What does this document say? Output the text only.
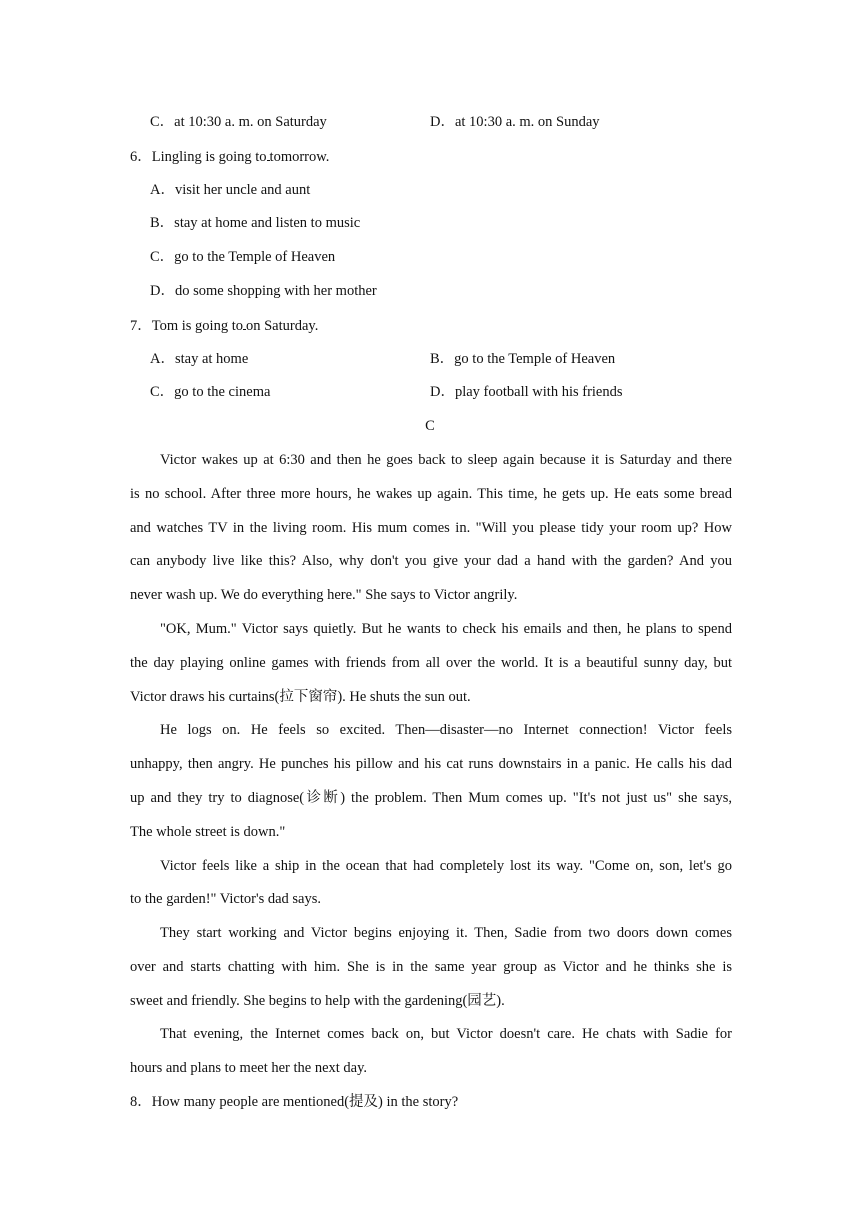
C．at 10:30 a. m. on Saturday	D．at 10:30 a. m. on Sunday
6．Lingling is going to tomorrow.
A．visit her uncle and aunt
B．stay at home and listen to music
C．go to the Temple of Heaven
D．do some shopping with her mother
7．Tom is going to on Saturday.
A．stay at home	B．go to the Temple of Heaven
C．go to the cinema	D．play football with his friends
C
Victor wakes up at 6:30 and then he goes back to sleep again because it is Saturday and there
is no school. After three more hours, he wakes up again. This time, he gets up. He eats some bread
and watches TV in the living room. His mum comes in. "Will you please tidy your room up? How
can anybody live like this? Also, why don't you give your dad a hand with the garden? And you
never wash up. We do everything here." She says to Victor angrily.
"OK, Mum." Victor says quietly. But he wants to check his emails and then, he plans to spend
the day playing online games with friends from all over the world. It is a beautiful sunny day, but
Victor draws his curtains(拉下窗帘). He shuts the sun out.
He logs on. He feels so excited. Then—disaster—no Internet connection! Victor feels
unhappy, then angry. He punches his pillow and his cat runs downstairs in a panic. He calls his dad
up and they try to diagnose(诊断) the problem. Then Mum comes up. "It's not just us" she says,
The whole street is down."
Victor feels like a ship in the ocean that had completely lost its way. "Come on, son, let's go
to the garden!" Victor's dad says.
They start working and Victor begins enjoying it. Then, Sadie from two doors down comes
over and starts chatting with him. She is in the same year group as Victor and he thinks she is
sweet and friendly. She begins to help with the gardening(园艺).
That evening, the Internet comes back on, but Victor doesn't care. He chats with Sadie for
hours and plans to meet her the next day.
8．How many people are mentioned(提及) in the story?
